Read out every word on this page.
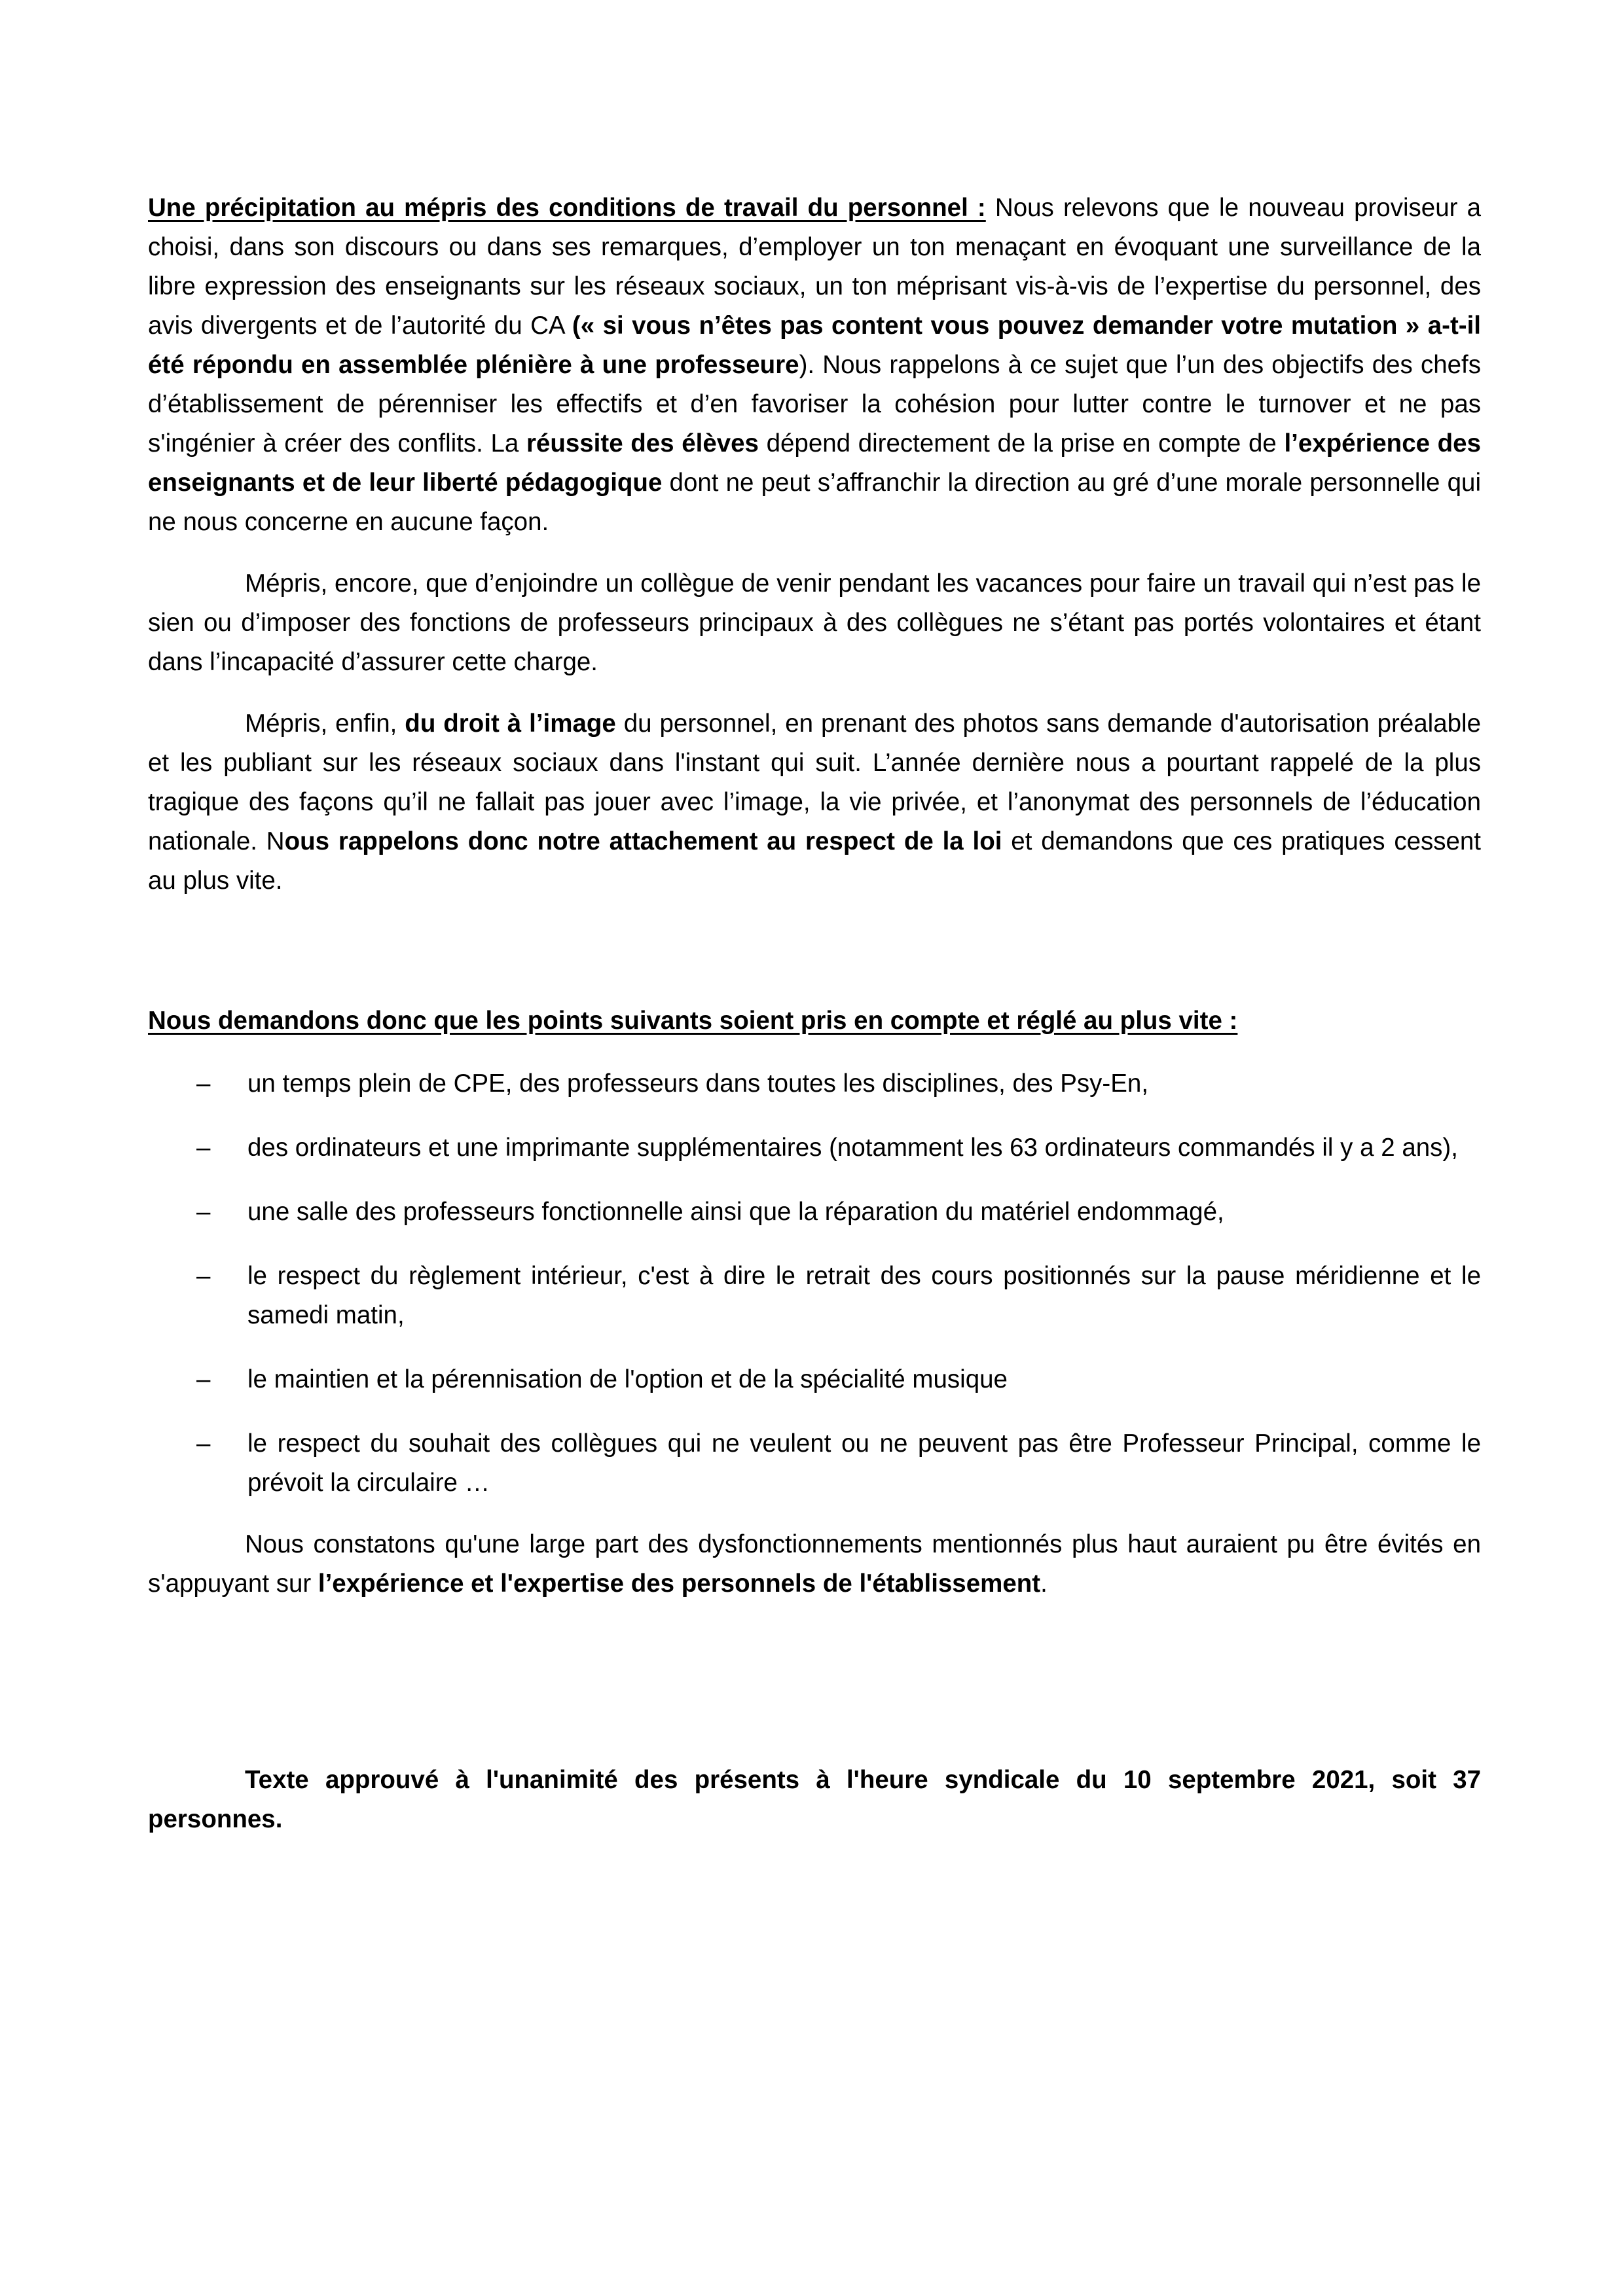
Une précipitation au mépris des conditions de travail du personnel : Nous relevons que le nouveau proviseur a choisi, dans son discours ou dans ses remarques, d’employer un ton menaçant en évoquant une surveillance de la libre expression des enseignants sur les réseaux sociaux, un ton méprisant vis-à-vis de l’expertise du personnel, des avis divergents et de l’autorité du CA (« si vous n’êtes pas content vous pouvez demander votre mutation » a-t-il été répondu en assemblée plénière à une professeure). Nous rappelons à ce sujet que l’un des objectifs des chefs d’établissement de pérenniser les effectifs et d’en favoriser la cohésion pour lutter contre le turnover et ne pas s'ingénier à créer des conflits. La réussite des élèves dépend directement de la prise en compte de l’expérience des enseignants et de leur liberté pédagogique dont ne peut s’affranchir la direction au gré d’une morale personnelle qui ne nous concerne en aucune façon.

Mépris, encore, que d’enjoindre un collègue de venir pendant les vacances pour faire un travail qui n’est pas le sien ou d’imposer des fonctions de professeurs principaux à des collègues ne s’étant pas portés volontaires et étant dans l’incapacité d’assurer cette charge.

Mépris, enfin, du droit à l’image du personnel, en prenant des photos sans demande d'autorisation préalable et les publiant sur les réseaux sociaux dans l'instant qui suit. L’année dernière nous a pourtant rappelé de la plus tragique des façons qu’il ne fallait pas jouer avec l’image, la vie privée, et l’anonymat des personnels de l’éducation nationale. Nous rappelons donc notre attachement au respect de la loi et demandons que ces pratiques cessent au plus vite.

Nous demandons donc que les points suivants soient pris en compte et réglé au plus vite :

– un temps plein de CPE, des professeurs dans toutes les disciplines, des Psy-En,
– des ordinateurs et une imprimante supplémentaires (notamment les 63 ordinateurs commandés il y a 2 ans),
– une salle des professeurs fonctionnelle ainsi que la réparation du matériel endommagé,
– le respect du règlement intérieur, c'est à dire le retrait des cours positionnés sur la pause méridienne et le samedi matin,
– le maintien et la pérennisation de l'option et de la spécialité musique
– le respect du souhait des collègues qui ne veulent ou ne peuvent pas être Professeur Principal, comme le prévoit la circulaire …

Nous constatons qu'une large part des dysfonctionnements mentionnés plus haut auraient pu être évités en s'appuyant sur l’expérience et l'expertise des personnels de l'établissement.

Texte approuvé à l'unanimité des présents à l'heure syndicale du 10 septembre 2021, soit 37 personnes.
